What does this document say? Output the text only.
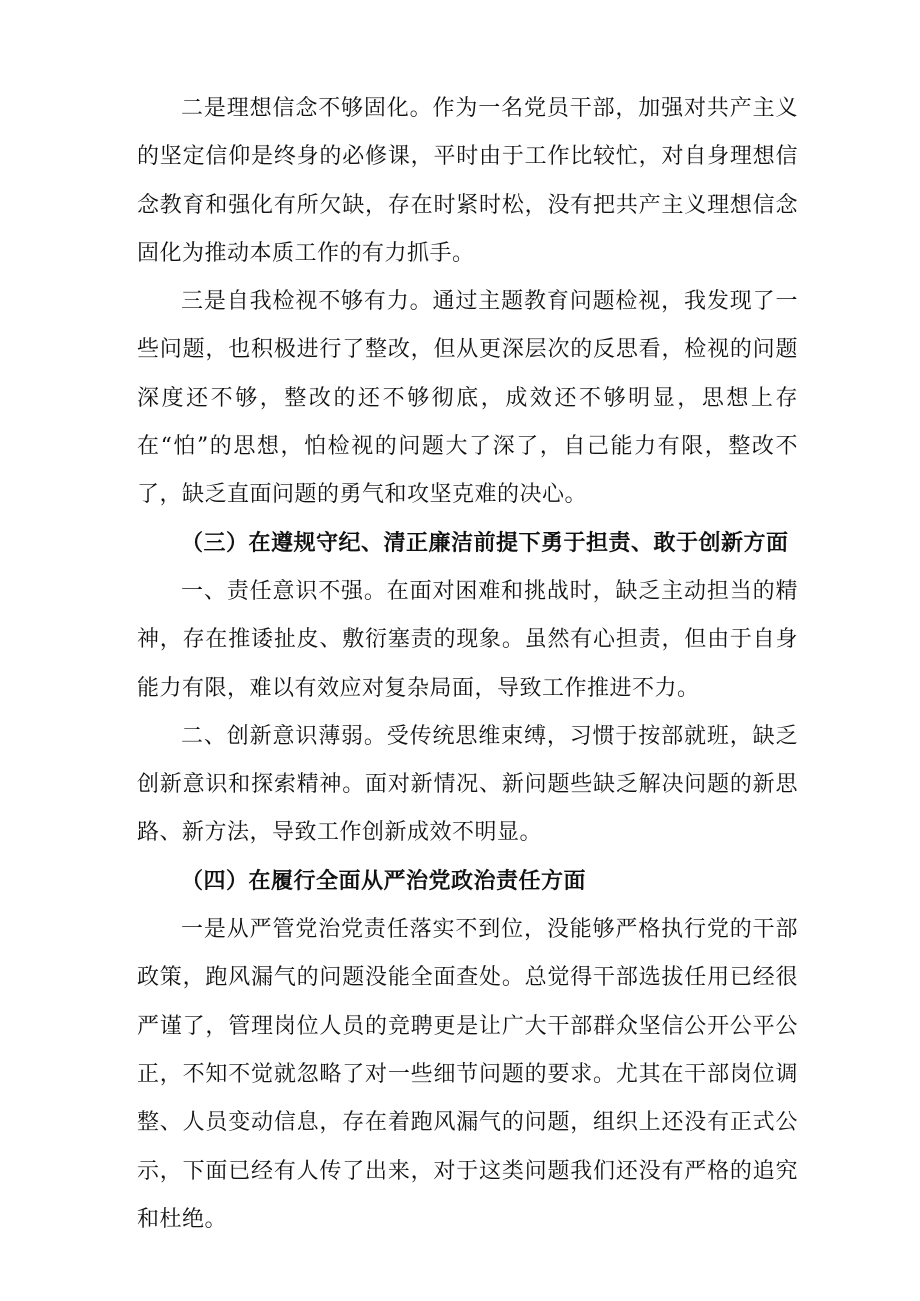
二是理想信念不够固化。作为一名党员干部，加强对共产主义的坚定信仰是终身的必修课，平时由于工作比较忙，对自身理想信念教育和强化有所欠缺，存在时紧时松，没有把共产主义理想信念固化为推动本质工作的有力抓手。

三是自我检视不够有力。通过主题教育问题检视，我发现了一些问题，也积极进行了整改，但从更深层次的反思看，检视的问题深度还不够，整改的还不够彻底，成效还不够明显，思想上存在“怕”的思想，怕检视的问题大了深了，自己能力有限，整改不了，缺乏直面问题的勇气和攻坚克难的决心。

（三）在遵规守纪、清正廉洁前提下勇于担责、敢于创新方面

一、责任意识不强。在面对困难和挑战时，缺乏主动担当的精神，存在推诿扯皮、敷衍塞责的现象。虽然有心担责，但由于自身能力有限，难以有效应对复杂局面，导致工作推进不力。

二、创新意识薄弱。受传统思维束缚，习惯于按部就班，缺乏创新意识和探索精神。面对新情况、新问题些缺乏解决问题的新思路、新方法，导致工作创新成效不明显。

（四）在履行全面从严治党政治责任方面

一是从严管党治党责任落实不到位，没能够严格执行党的干部政策，跑风漏气的问题没能全面查处。总觉得干部选拔任用已经很严谨了，管理岗位人员的竞聘更是让广大干部群众坚信公开公平公正，不知不觉就忽略了对一些细节问题的要求。尤其在干部岗位调整、人员变动信息，存在着跑风漏气的问题，组织上还没有正式公示，下面已经有人传了出来，对于这类问题我们还没有严格的追究和杜绝。
